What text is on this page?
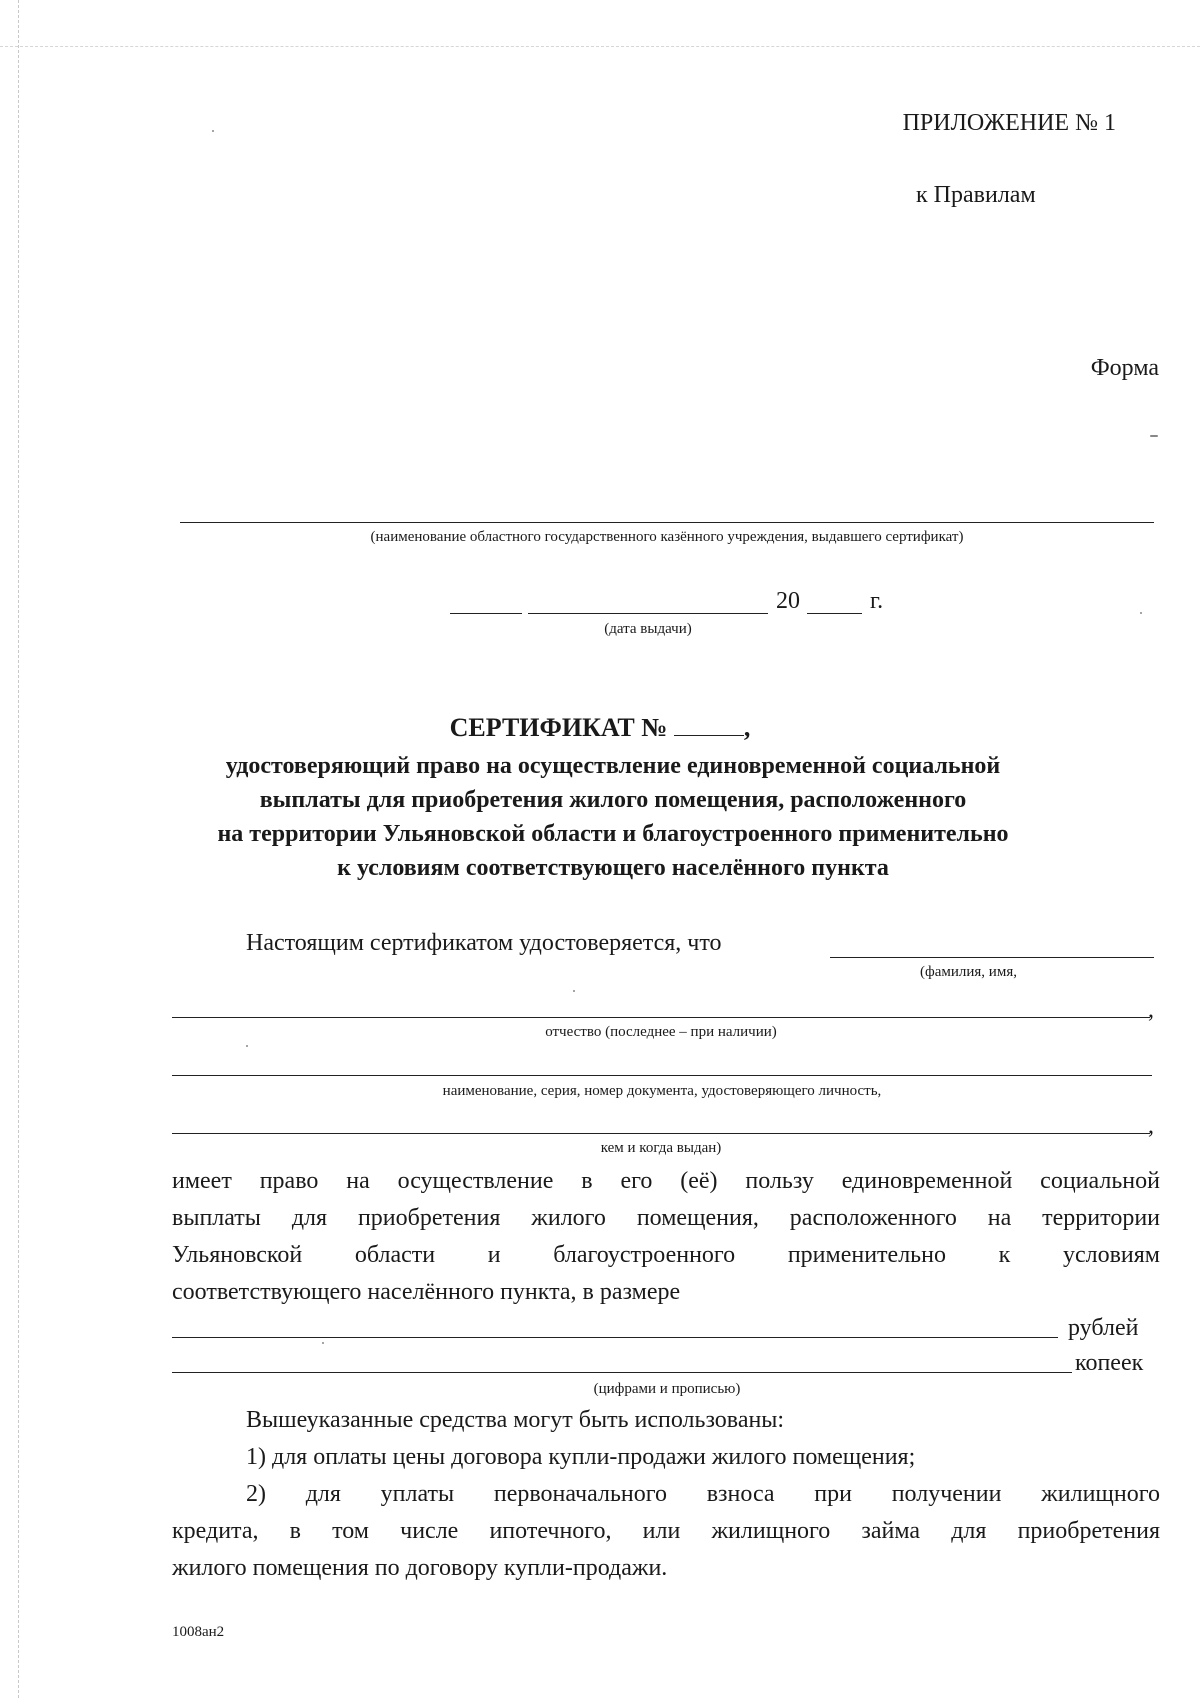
ПРИЛОЖЕНИЕ № 1
к Правилам
Форма
(наименование областного государственного казённого учреждения, выдавшего сертификат)
20	г.
(дата выдачи)
СЕРТИФИКАТ №	,
удостоверяющий право на осуществление единовременной социальной
выплаты для приобретения жилого помещения, расположенного
на территории Ульяновской области и благоустроенного применительно
к условиям соответствующего населённого пункта
Настоящим сертификатом удостоверяется, что
(фамилия, имя,
,
отчество (последнее – при наличии)
наименование, серия, номер документа, удостоверяющего личность,
,
кем и когда выдан)
имеет право на осуществление в его (её) пользу единовременной социальной
выплаты для приобретения жилого помещения, расположенного на территории
Ульяновской области и благоустроенного применительно к условиям
соответствующего населённого пункта, в размере
рублей
копеек
(цифрами и прописью)
Вышеуказанные средства могут быть использованы:
1) для оплаты цены договора купли-продажи жилого помещения;
2) для уплаты первоначального взноса при получении жилищного
кредита, в том числе ипотечного, или жилищного займа для приобретения
жилого помещения по договору купли-продажи.
1008ан2
